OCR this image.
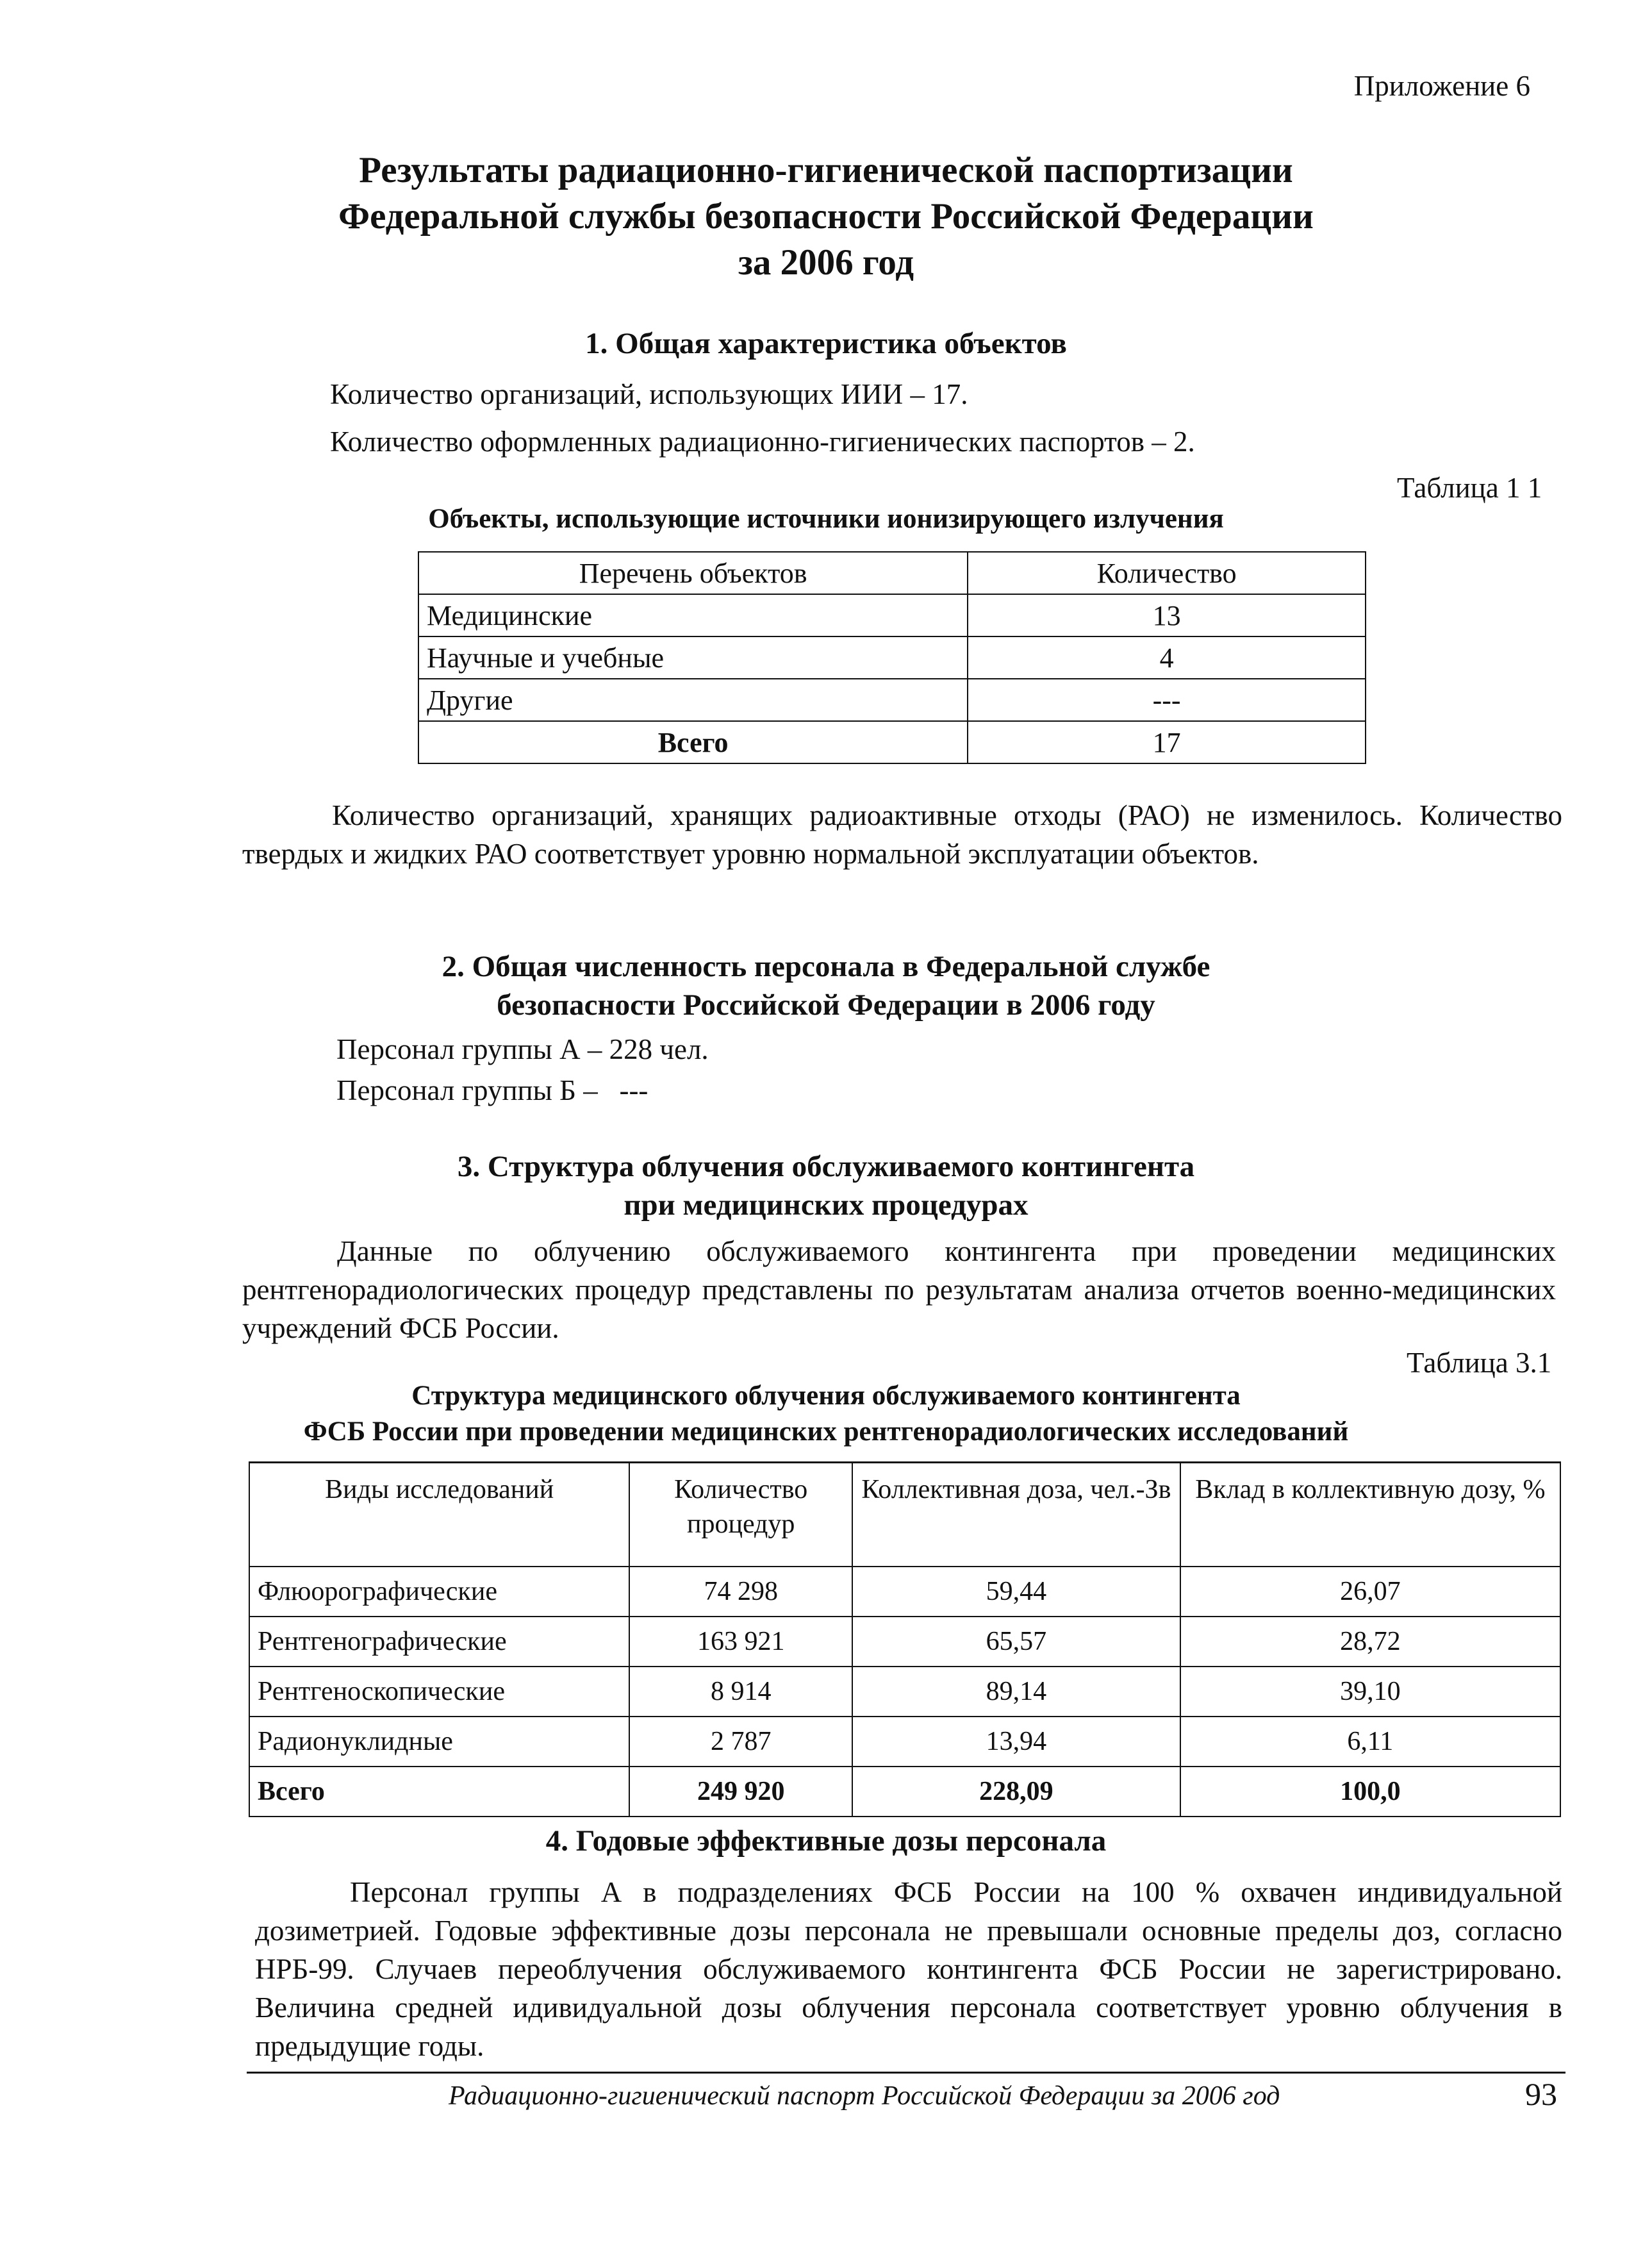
Приложение 6
Результаты радиационно-гигиенической паспортизации
Федеральной службы безопасности Российской Федерации
за 2006 год
1. Общая характеристика объектов
Количество организаций, использующих ИИИ – 17.
Количество оформленных радиационно-гигиенических паспортов – 2.
Таблица 1 1
Объекты, использующие источники ионизирующего излучения
Перечень объектов	Количество
Медицинские	13
Научные и учебные	4
Другие	---
Всего	17
Количество организаций, хранящих радиоактивные отходы (РАО) не изменилось. Количество твердых и жидких РАО соответствует уровню нормальной эксплуатации объектов.
2. Общая численность персонала в Федеральной службе
безопасности Российской Федерации в 2006 году
Персонал группы А – 228 чел.
Персонал группы Б –   ---
3. Структура облучения обслуживаемого контингента
при медицинских процедурах
Данные по облучению обслуживаемого контингента при проведении медицинских рентгенорадиологических процедур представлены по результатам анализа отчетов военно-медицинских учреждений ФСБ России.
Таблица 3.1
Структура медицинского облучения обслуживаемого контингента
ФСБ России при проведении медицинских рентгенорадиологических исследований
Виды исследований	Количество процедур	Коллективная доза, чел.-Зв	Вклад в коллективную дозу, %
Флюорографические	74 298	59,44	26,07
Рентгенографические	163 921	65,57	28,72
Рентгеноскопические	8 914	89,14	39,10
Радионуклидные	2 787	13,94	6,11
Всего	249 920	228,09	100,0
4. Годовые эффективные дозы персонала
Персонал группы А в подразделениях ФСБ России на 100 % охвачен индивидуальной дозиметрией. Годовые эффективные дозы персонала не превышали основные пределы доз, согласно НРБ-99. Случаев переоблучения обслуживаемого контингента ФСБ России не зарегистрировано. Величина средней идивидуальной дозы облучения персонала соответствует уровню облучения в предыдущие годы.
Радиационно-гигиенический паспорт Российской Федерации за 2006 год	93
